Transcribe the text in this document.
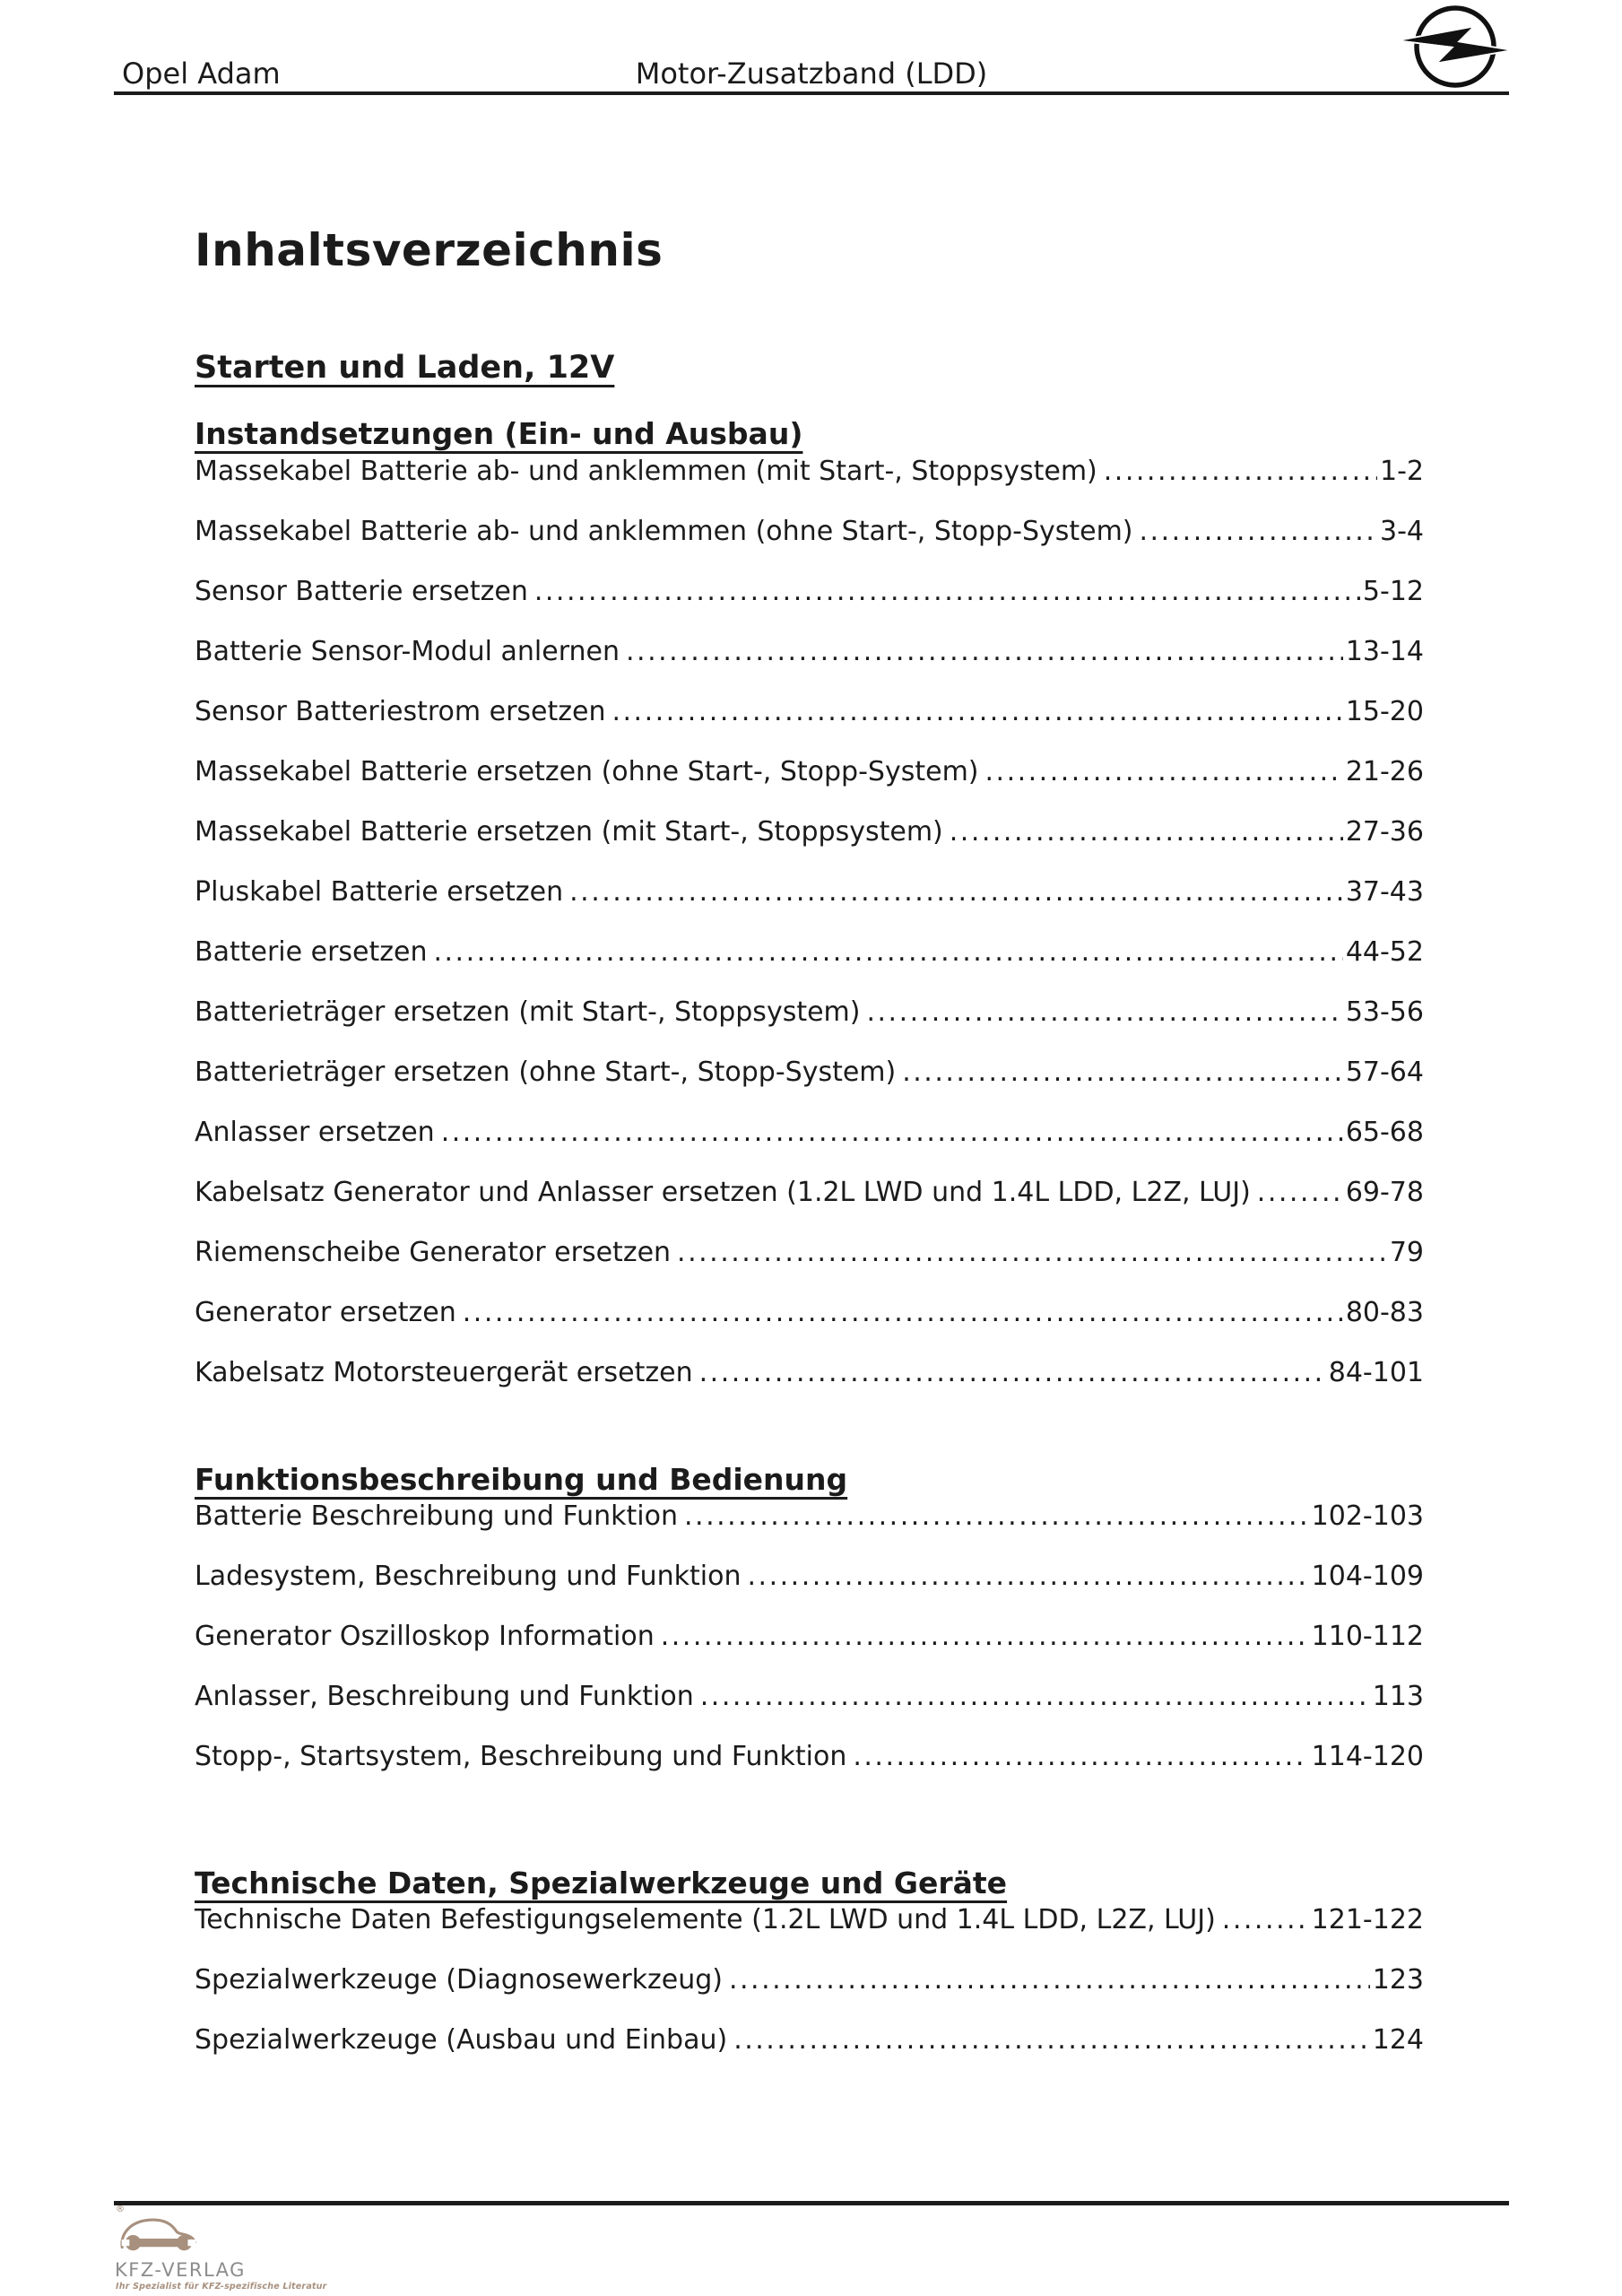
Motor-Zusatzband (LDD)
Opel Adam
Inhaltsverzeichnis
Starten und Laden, 12V
Instandsetzungen (Ein- und Ausbau)
Massekabel Batterie ab- und anklemmen (mit Start-, Stoppsystem) .....	1-2
Massekabel Batterie ab- und anklemmen (ohne Start-, Stopp-System) .....	3-4
Sensor Batterie ersetzen .....	5-12
Batterie Sensor-Modul anlernen .....	13-14
Sensor Batteriestrom ersetzen .....	15-20
Massekabel Batterie ersetzen (ohne Start-, Stopp-System) .....	21-26
Massekabel Batterie ersetzen (mit Start-, Stoppsystem) .....	27-36
Pluskabel Batterie ersetzen .....	37-43
Batterie ersetzen .....	44-52
Batterieträger ersetzen (mit Start-, Stoppsystem) .....	53-56
Batterieträger ersetzen (ohne Start-, Stopp-System) .....	57-64
Anlasser ersetzen .....	65-68
Kabelsatz Generator und Anlasser ersetzen (1.2L LWD und 1.4L LDD, L2Z, LUJ) .....	69-78
Riemenscheibe Generator ersetzen .....	79
Generator ersetzen .....	80-83
Kabelsatz Motorsteuergerät ersetzen .....	84-101
Funktionsbeschreibung und Bedienung
Batterie Beschreibung und Funktion .....	102-103
Ladesystem, Beschreibung und Funktion .....	104-109
Generator Oszilloskop Information .....	110-112
Anlasser, Beschreibung und Funktion .....	113
Stopp-, Startsystem, Beschreibung und Funktion .....	114-120
Technische Daten, Spezialwerkzeuge und Geräte
Technische Daten Befestigungselemente (1.2L LWD und 1.4L LDD, L2Z, LUJ) .....	121-122
Spezialwerkzeuge (Diagnosewerkzeug) .....	123
Spezialwerkzeuge (Ausbau und Einbau) .....	124
®
KFZ-VERLAG
Ihr Spezialist für KFZ-spezifische Literatur
